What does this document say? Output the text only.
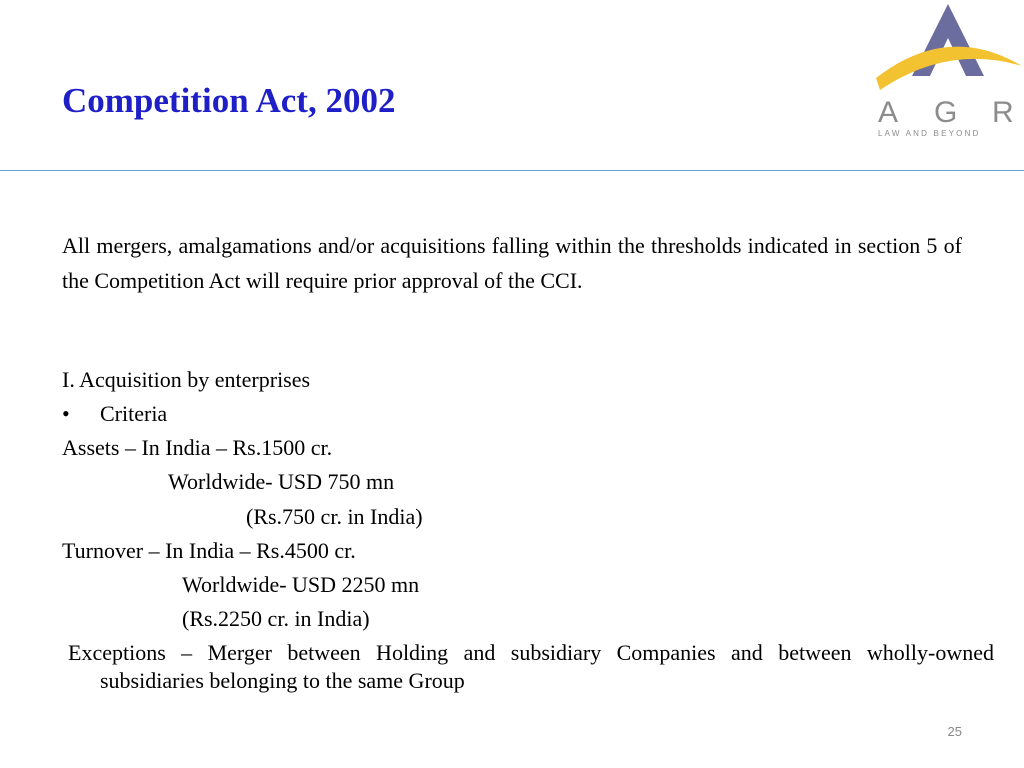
Competition Act, 2002	A G R
LAW AND BEYOND
All mergers, amalgamations and/or acquisitions falling within the thresholds indicated in section 5 of the Competition Act will require prior approval of the CCI.
I. Acquisition by enterprises
• Criteria
Assets – In India – Rs.1500 cr.
Worldwide- USD 750 mn
(Rs.750 cr. in India)
Turnover – In India – Rs.4500 cr.
Worldwide- USD 2250 mn
(Rs.2250 cr. in India)
Exceptions – Merger between Holding and subsidiary Companies and between wholly-owned subsidiaries belonging to the same Group
25
